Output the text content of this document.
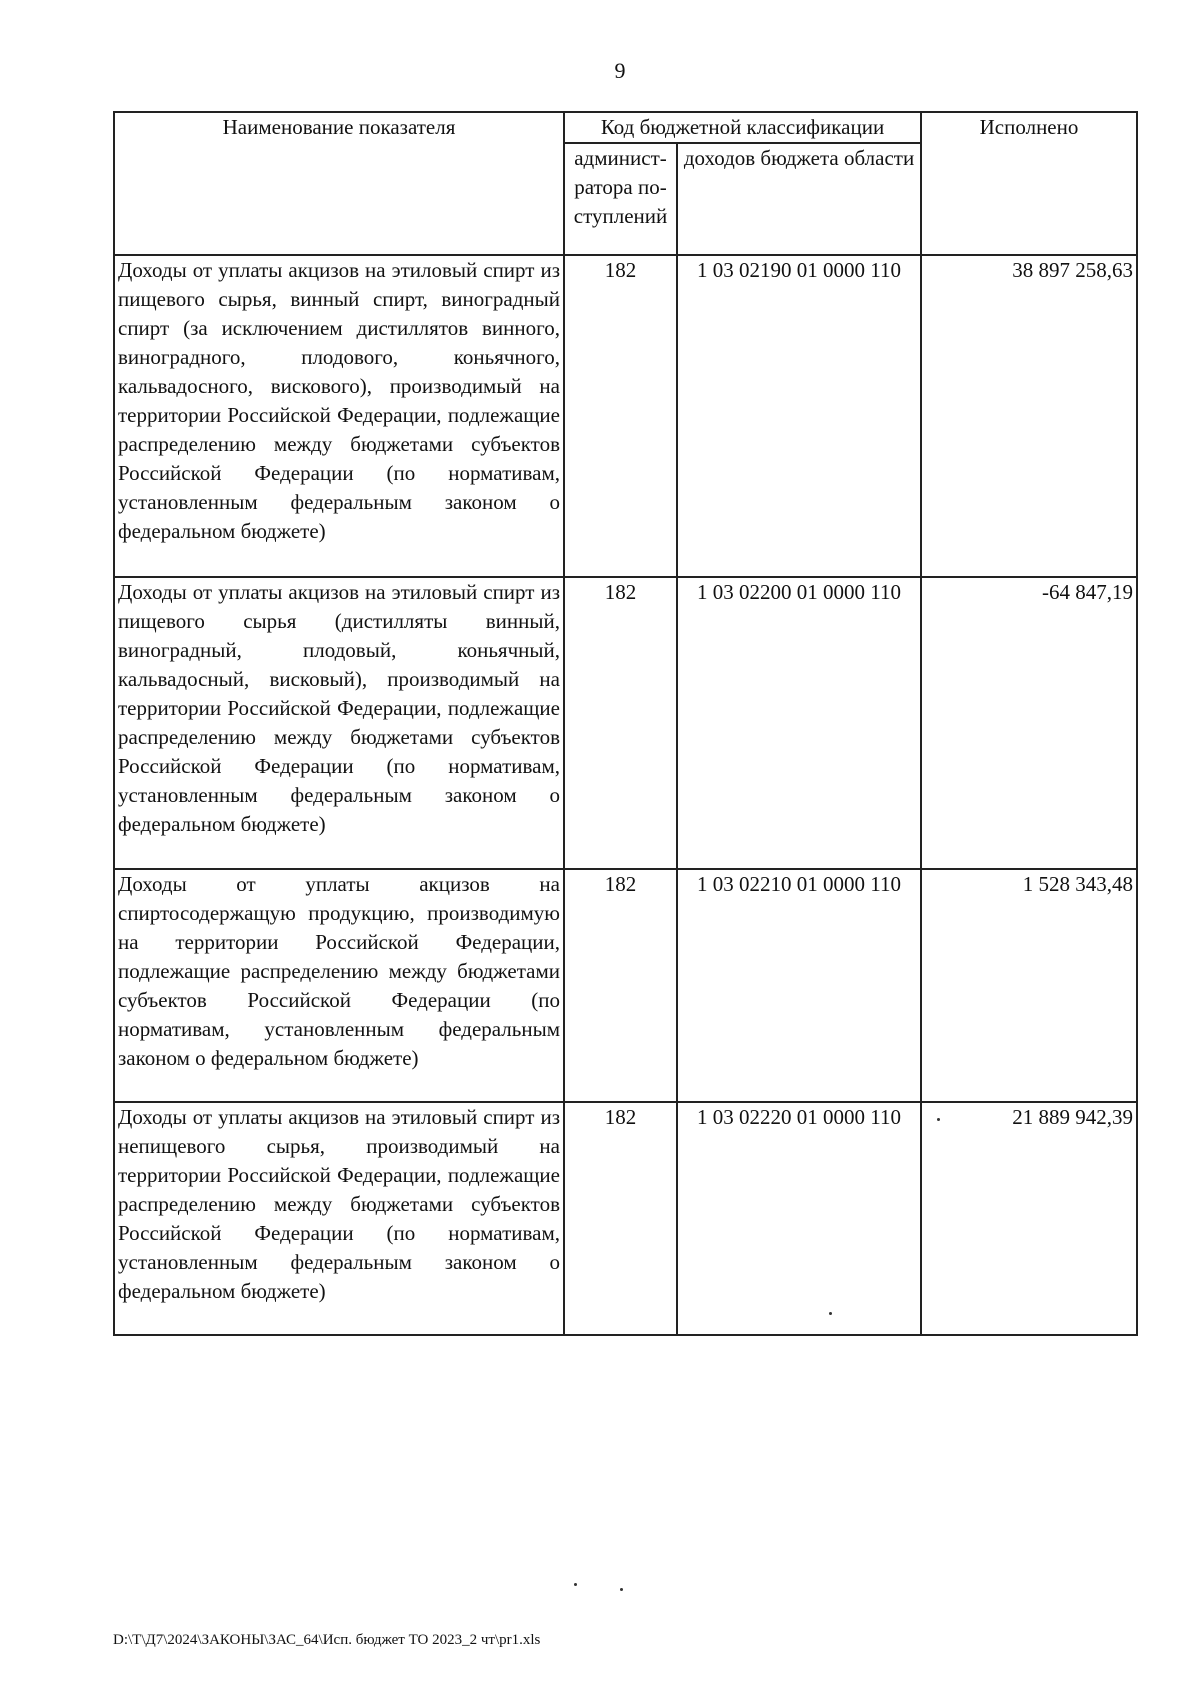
9
Наименование показателя	Код бюджетной классификации		Исполнено
	админист-ратора по-ступлений	доходов бюджета области	
Доходы от уплаты акцизов на этиловый спирт из пищевого сырья, винный спирт, виноградный спирт (за исключением дистиллятов винного, виноградного, плодового, коньячного, кальвадосного, вискового), производимый на территории Российской Федерации, подлежащие распределению между бюджетами субъектов Российской Федерации (по нормативам, установленным федеральным законом о федеральном бюджете)	182	1 03 02190 01 0000 110	38 897 258,63
Доходы от уплаты акцизов на этиловый спирт из пищевого сырья (дистилляты винный, виноградный, плодовый, коньячный, кальвадосный, висковый), производимый на территории Российской Федерации, подлежащие распределению между бюджетами субъектов Российской Федерации (по нормативам, установленным федеральным законом о федеральном бюджете)	182	1 03 02200 01 0000 110	-64 847,19
Доходы от уплаты акцизов на спиртосодержащую продукцию, производимую на территории Российской Федерации, подлежащие распределению между бюджетами субъектов Российской Федерации (по нормативам, установленным федеральным законом о федеральном бюджете)	182	1 03 02210 01 0000 110	1 528 343,48
Доходы от уплаты акцизов на этиловый спирт из непищевого сырья, производимый на территории Российской Федерации, подлежащие распределению между бюджетами субъектов Российской Федерации (по нормативам, установленным федеральным законом о федеральном бюджете)	182	1 03 02220 01 0000 110	21 889 942,39
D:\Т\Д7\2024\ЗАКОНЫ\ЗАС_64\Исп. бюджет ТО 2023_2 чт\pr1.xls
